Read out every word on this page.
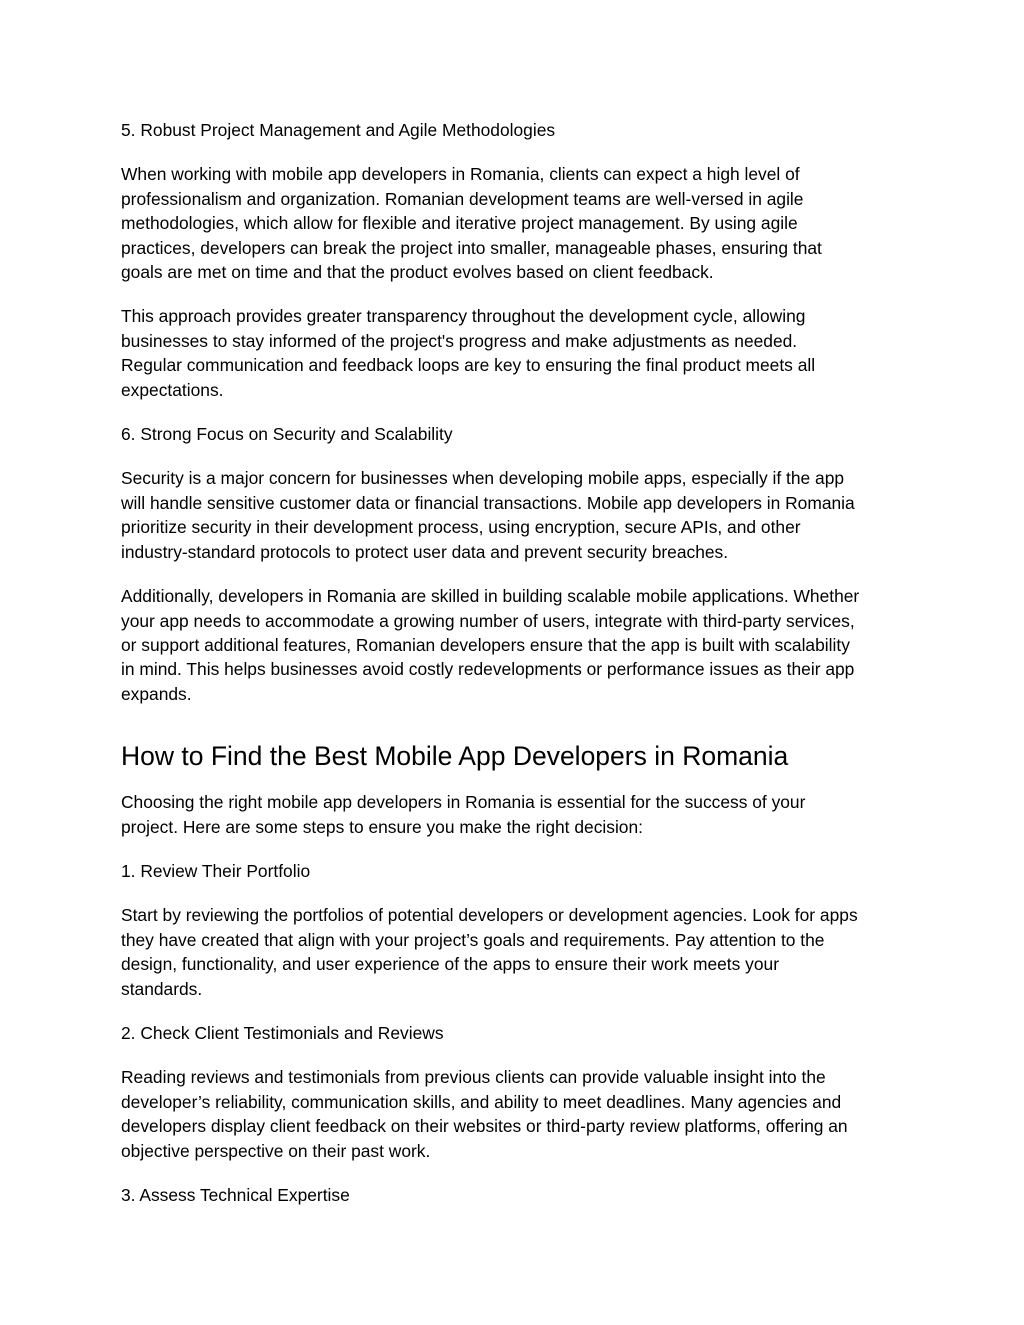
5. Robust Project Management and Agile Methodologies

When working with mobile app developers in Romania, clients can expect a high level of
professionalism and organization. Romanian development teams are well-versed in agile
methodologies, which allow for flexible and iterative project management. By using agile
practices, developers can break the project into smaller, manageable phases, ensuring that
goals are met on time and that the product evolves based on client feedback.

This approach provides greater transparency throughout the development cycle, allowing
businesses to stay informed of the project's progress and make adjustments as needed.
Regular communication and feedback loops are key to ensuring the final product meets all
expectations.

6. Strong Focus on Security and Scalability

Security is a major concern for businesses when developing mobile apps, especially if the app
will handle sensitive customer data or financial transactions. Mobile app developers in Romania
prioritize security in their development process, using encryption, secure APIs, and other
industry-standard protocols to protect user data and prevent security breaches.

Additionally, developers in Romania are skilled in building scalable mobile applications. Whether
your app needs to accommodate a growing number of users, integrate with third-party services,
or support additional features, Romanian developers ensure that the app is built with scalability
in mind. This helps businesses avoid costly redevelopments or performance issues as their app
expands.

How to Find the Best Mobile App Developers in Romania

Choosing the right mobile app developers in Romania is essential for the success of your
project. Here are some steps to ensure you make the right decision:

1. Review Their Portfolio

Start by reviewing the portfolios of potential developers or development agencies. Look for apps
they have created that align with your project’s goals and requirements. Pay attention to the
design, functionality, and user experience of the apps to ensure their work meets your
standards.

2. Check Client Testimonials and Reviews

Reading reviews and testimonials from previous clients can provide valuable insight into the
developer’s reliability, communication skills, and ability to meet deadlines. Many agencies and
developers display client feedback on their websites or third-party review platforms, offering an
objective perspective on their past work.

3. Assess Technical Expertise
